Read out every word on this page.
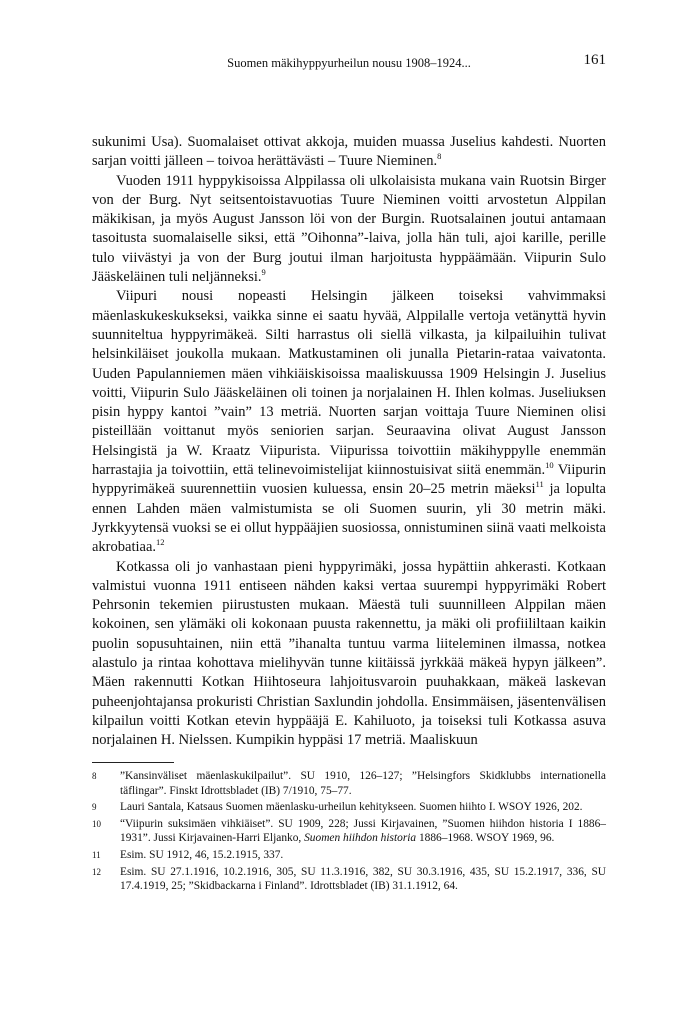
Suomen mäkihyppyurheilun nousu 1908–1924...	161

sukunimi Usa). Suomalaiset ottivat akkoja, muiden muassa Juselius kahdesti. Nuorten sarjan voitti jälleen – toivoa herättävästi – Tuure Nieminen.$^8$

Vuoden 1911 hyppykisoissa Alppilassa oli ulkolaisista mukana vain Ruotsin Birger von der Burg. Nyt seitsentoistavuotias Tuure Nieminen voitti arvostetun Alppilan mäkikisan, ja myös August Jansson löi von der Burgin. Ruotsalainen joutui antamaan tasoitusta suomalaiselle siksi, että ”Oihonna”-laiva, jolla hän tuli, ajoi karille, perille tulo viivästyi ja von der Burg joutui ilman harjoitusta hyppäämään. Viipurin Sulo Jääskeläinen tuli neljänneksi.$^9$

Viipuri nousi nopeasti Helsingin jälkeen toiseksi vahvimmaksi mäenlaskukeskukseksi, vaikka sinne ei saatu hyvää, Alppilalle vertoja vetänyttä hyvin suunniteltua hyppyrimäkeä. Silti harrastus oli siellä vilkasta, ja kilpailuihin tulivat helsinkiläiset joukolla mukaan. Matkustaminen oli junalla Pietarin-rataa vaivatonta. Uuden Papulanniemen mäen vihkiäiskisoissa maaliskuussa 1909 Helsingin J. Juselius voitti, Viipurin Sulo Jääskeläinen oli toinen ja norjalainen H. Ihlen kolmas. Juseliuksen pisin hyppy kantoi ”vain” 13 metriä. Nuorten sarjan voittaja Tuure Nieminen olisi pisteillään voittanut myös seniorien sarjan. Seuraavina olivat August Jansson Helsingistä ja W. Kraatz Viipurista. Viipurissa toivottiin mäkihyppylle enemmän harrastajia ja toivottiin, että telinevoimistelijat kiinnostuisivat siitä enemmän.$^{10}$ Viipurin hyppyrimäkeä suurennettiin vuosien kuluessa, ensin 20–25 metrin mäeksi$^{11}$ ja lopulta ennen Lahden mäen valmistumista se oli Suomen suurin, yli 30 metrin mäki. Jyrkkyytensä vuoksi se ei ollut hyppääjien suosiossa, onnistuminen siinä vaati melkoista akrobatiaa.$^{12}$

Kotkassa oli jo vanhastaan pieni hyppyrimäki, jossa hypättiin ahkerasti. Kotkaan valmistui vuonna 1911 entiseen nähden kaksi vertaa suurempi hyppyrimäki Robert Pehrsonin tekemien piirustusten mukaan. Mäestä tuli suunnilleen Alppilan mäen kokoinen, sen ylämäki oli kokonaan puusta rakennettu, ja mäki oli profiililtaan kaikin puolin sopusuhtainen, niin että ”ihanalta tuntuu varma liiteleminen ilmassa, notkea alastulo ja rintaa kohottava mielihyvän tunne kiitäissä jyrkkää mäkeä hypyn jälkeen”. Mäen rakennutti Kotkan Hiihtoseura lahjoitusvaroin puuhakkaan, mäkeä laskevan puheenjohtajansa prokuristi Christian Saxlundin johdolla. Ensimmäisen, jäsentenvälisen kilpailun voitti Kotkan etevin hyppääjä E. Kahiluoto, ja toiseksi tuli Kotkassa asuva norjalainen H. Nielssen. Kumpikin hyppäsi 17 metriä. Maaliskuun

8	”Kansinväliset mäenlaskukilpailut”. SU 1910, 126–127; ”Helsingfors Skidklubbs internationella täflingar”. Finskt Idrottsbladet (IB) 7/1910, 75–77.
9	Lauri Santala, Katsaus Suomen mäenlasku-urheilun kehitykseen. Suomen hiihto I. WSOY 1926, 202.
10	“Viipurin suksimäen vihkiäiset”. SU 1909, 228; Jussi Kirjavainen, ”Suomen hiihdon historia I 1886–1931”. Jussi Kirjavainen-Harri Eljanko, Suomen hiihdon historia 1886–1968. WSOY 1969, 96.
11	Esim. SU 1912, 46, 15.2.1915, 337.
12	Esim. SU 27.1.1916, 10.2.1916, 305, SU 11.3.1916, 382, SU 30.3.1916, 435, SU 15.2.1917, 336, SU 17.4.1919, 25; ”Skidbackarna i Finland”. Idrottsbladet (IB) 31.1.1912, 64.
